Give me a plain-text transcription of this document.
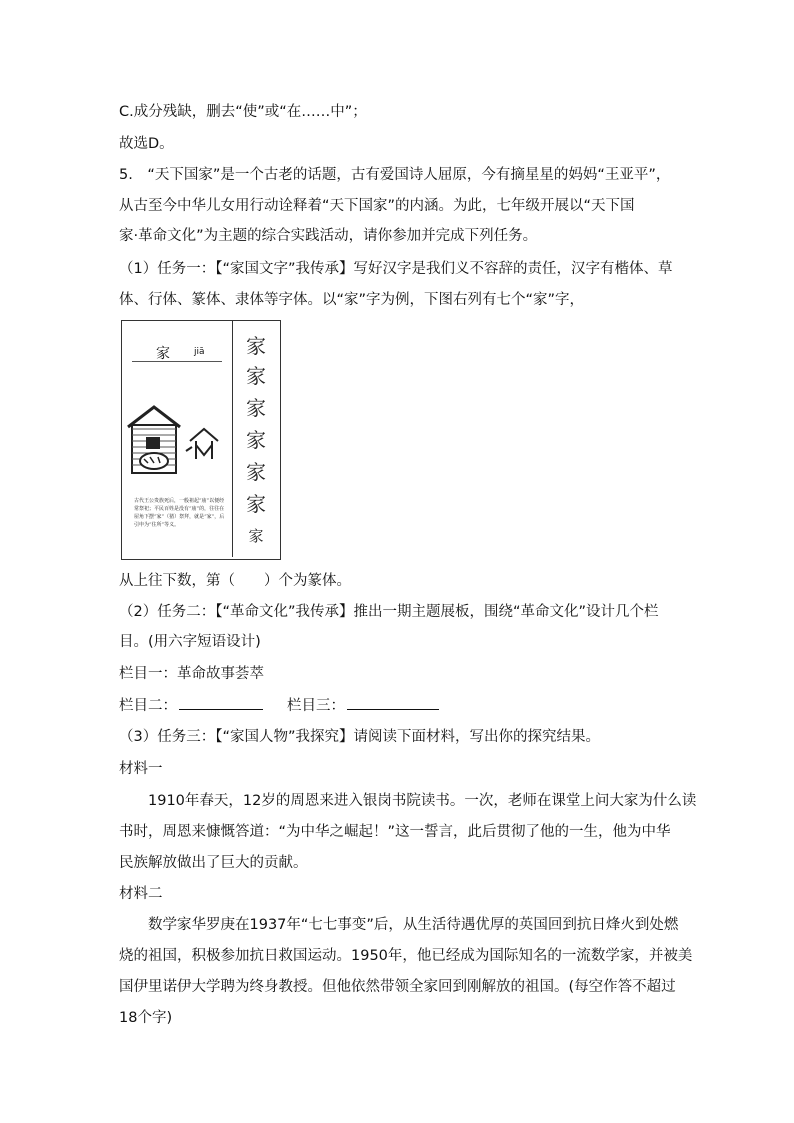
C.成分残缺，删去“使”或“在……中”；
故选D。
5.　“天下国家”是一个古老的话题，古有爱国诗人屈原，今有摘星星的妈妈“王亚平”，
从古至今中华儿女用行动诠释着“天下国家”的内涵。为此，七年级开展以“天下国
家·革命文化”为主题的综合实践活动，请你参加并完成下列任务。
（1）任务一：【“家国文字”我传承】写好汉字是我们义不容辞的责任，汉字有楷体、草
体、行体、篆体、隶体等字体。以“家”字为例，下图右列有七个“家”字，
家	jiā
古代王公贵族死后，一般祖起“庙”以便经常祭祀；平民百姓是没有“庙”的，往往在屋角下摆“家”（猪）祭拜，就是“家”，后引申为“住所”等义。
家
家
家
家
家
家
家
从上往下数，第（　　）个为篆体。
（2）任务二：【“革命文化”我传承】推出一期主题展板，围绕“革命文化”设计几个栏
目。(用六字短语设计)
栏目一：革命故事荟萃
栏目二：	栏目三：
（3）任务三：【“家国人物”我探究】请阅读下面材料，写出你的探究结果。
材料一
1910年春天，12岁的周恩来进入银岗书院读书。一次，老师在课堂上问大家为什么读
书时，周恩来慷慨答道：“为中华之崛起！”这一誓言，此后贯彻了他的一生，他为中华
民族解放做出了巨大的贡献。
材料二
数学家华罗庚在1937年“七七事变”后，从生活待遇优厚的英国回到抗日烽火到处燃
烧的祖国，积极参加抗日救国运动。1950年，他已经成为国际知名的一流数学家，并被美
国伊里诺伊大学聘为终身教授。但他依然带领全家回到刚解放的祖国。(每空作答不超过
18个字)
